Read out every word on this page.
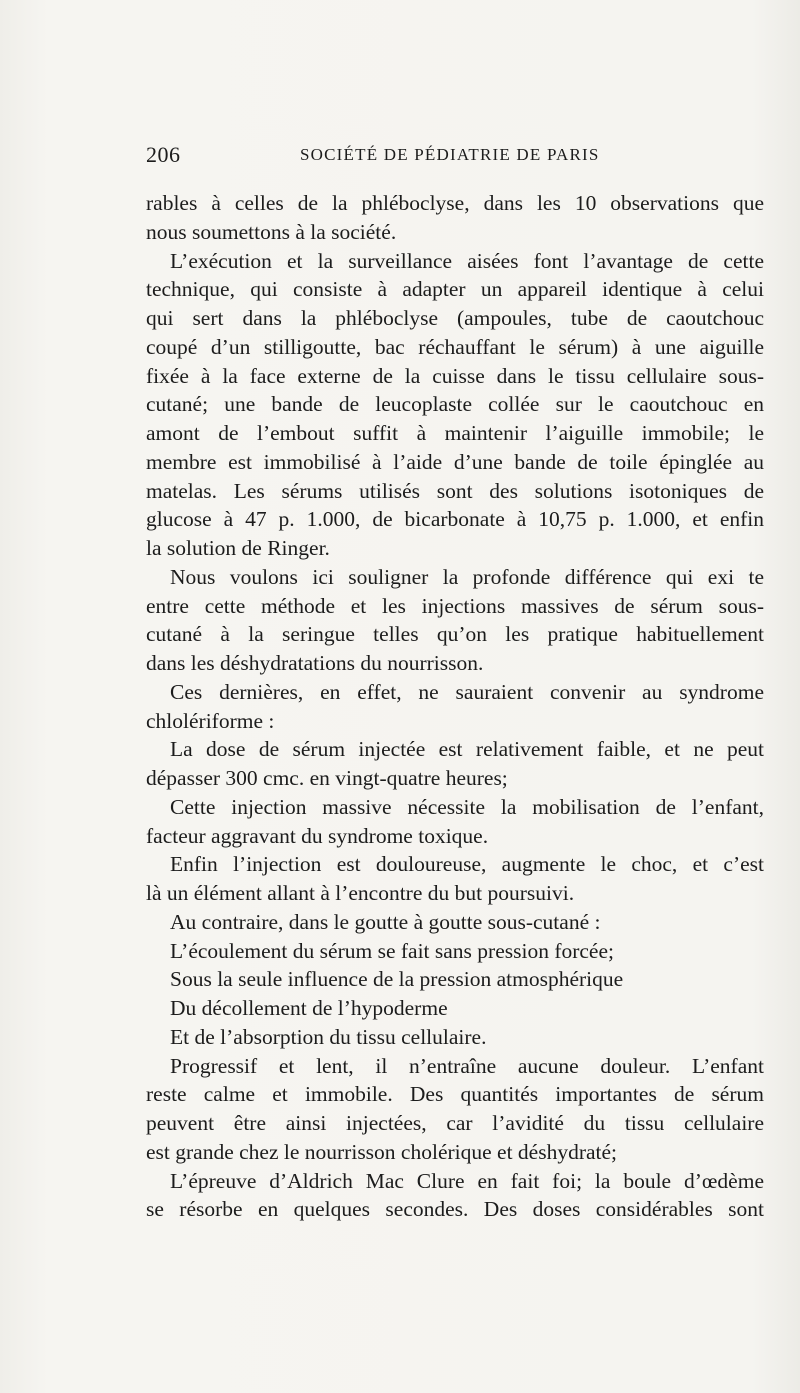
206	SOCIÉTÉ DE PÉDIATRIE DE PARIS
rables à celles de la phléboclyse, dans les 10 observations que
nous soumettons à la société.
L’exécution et la surveillance aisées font l’avantage de cette
technique, qui consiste à adapter un appareil identique à celui
qui sert dans la phléboclyse (ampoules, tube de caoutchouc
coupé d’un stilligoutte, bac réchauffant le sérum) à une aiguille
fixée à la face externe de la cuisse dans le tissu cellulaire sous-
cutané; une bande de leucoplaste collée sur le caoutchouc en
amont de l’embout suffit à maintenir l’aiguille immobile; le
membre est immobilisé à l’aide d’une bande de toile épinglée au
matelas. Les sérums utilisés sont des solutions isotoniques de
glucose à 47 p. 1.000, de bicarbonate à 10,75 p. 1.000, et enfin
la solution de Ringer.
Nous voulons ici souligner la profonde différence qui exi te
entre cette méthode et les injections massives de sérum sous-
cutané à la seringue telles qu’on les pratique habituellement
dans les déshydratations du nourrisson.
Ces dernières, en effet, ne sauraient convenir au syndrome
chlolériforme :
La dose de sérum injectée est relativement faible, et ne peut
dépasser 300 cmc. en vingt-quatre heures;
Cette injection massive nécessite la mobilisation de l’enfant,
facteur aggravant du syndrome toxique.
Enfin l’injection est douloureuse, augmente le choc, et c’est
là un élément allant à l’encontre du but poursuivi.
Au contraire, dans le goutte à goutte sous-cutané :
L’écoulement du sérum se fait sans pression forcée;
Sous la seule influence de la pression atmosphérique
Du décollement de l’hypoderme
Et de l’absorption du tissu cellulaire.
Progressif et lent, il n’entraîne aucune douleur. L’enfant
reste calme et immobile. Des quantités importantes de sérum
peuvent être ainsi injectées, car l’avidité du tissu cellulaire
est grande chez le nourrisson cholérique et déshydraté;
L’épreuve d’Aldrich Mac Clure en fait foi; la boule d’œdème
se résorbe en quelques secondes. Des doses considérables sont
